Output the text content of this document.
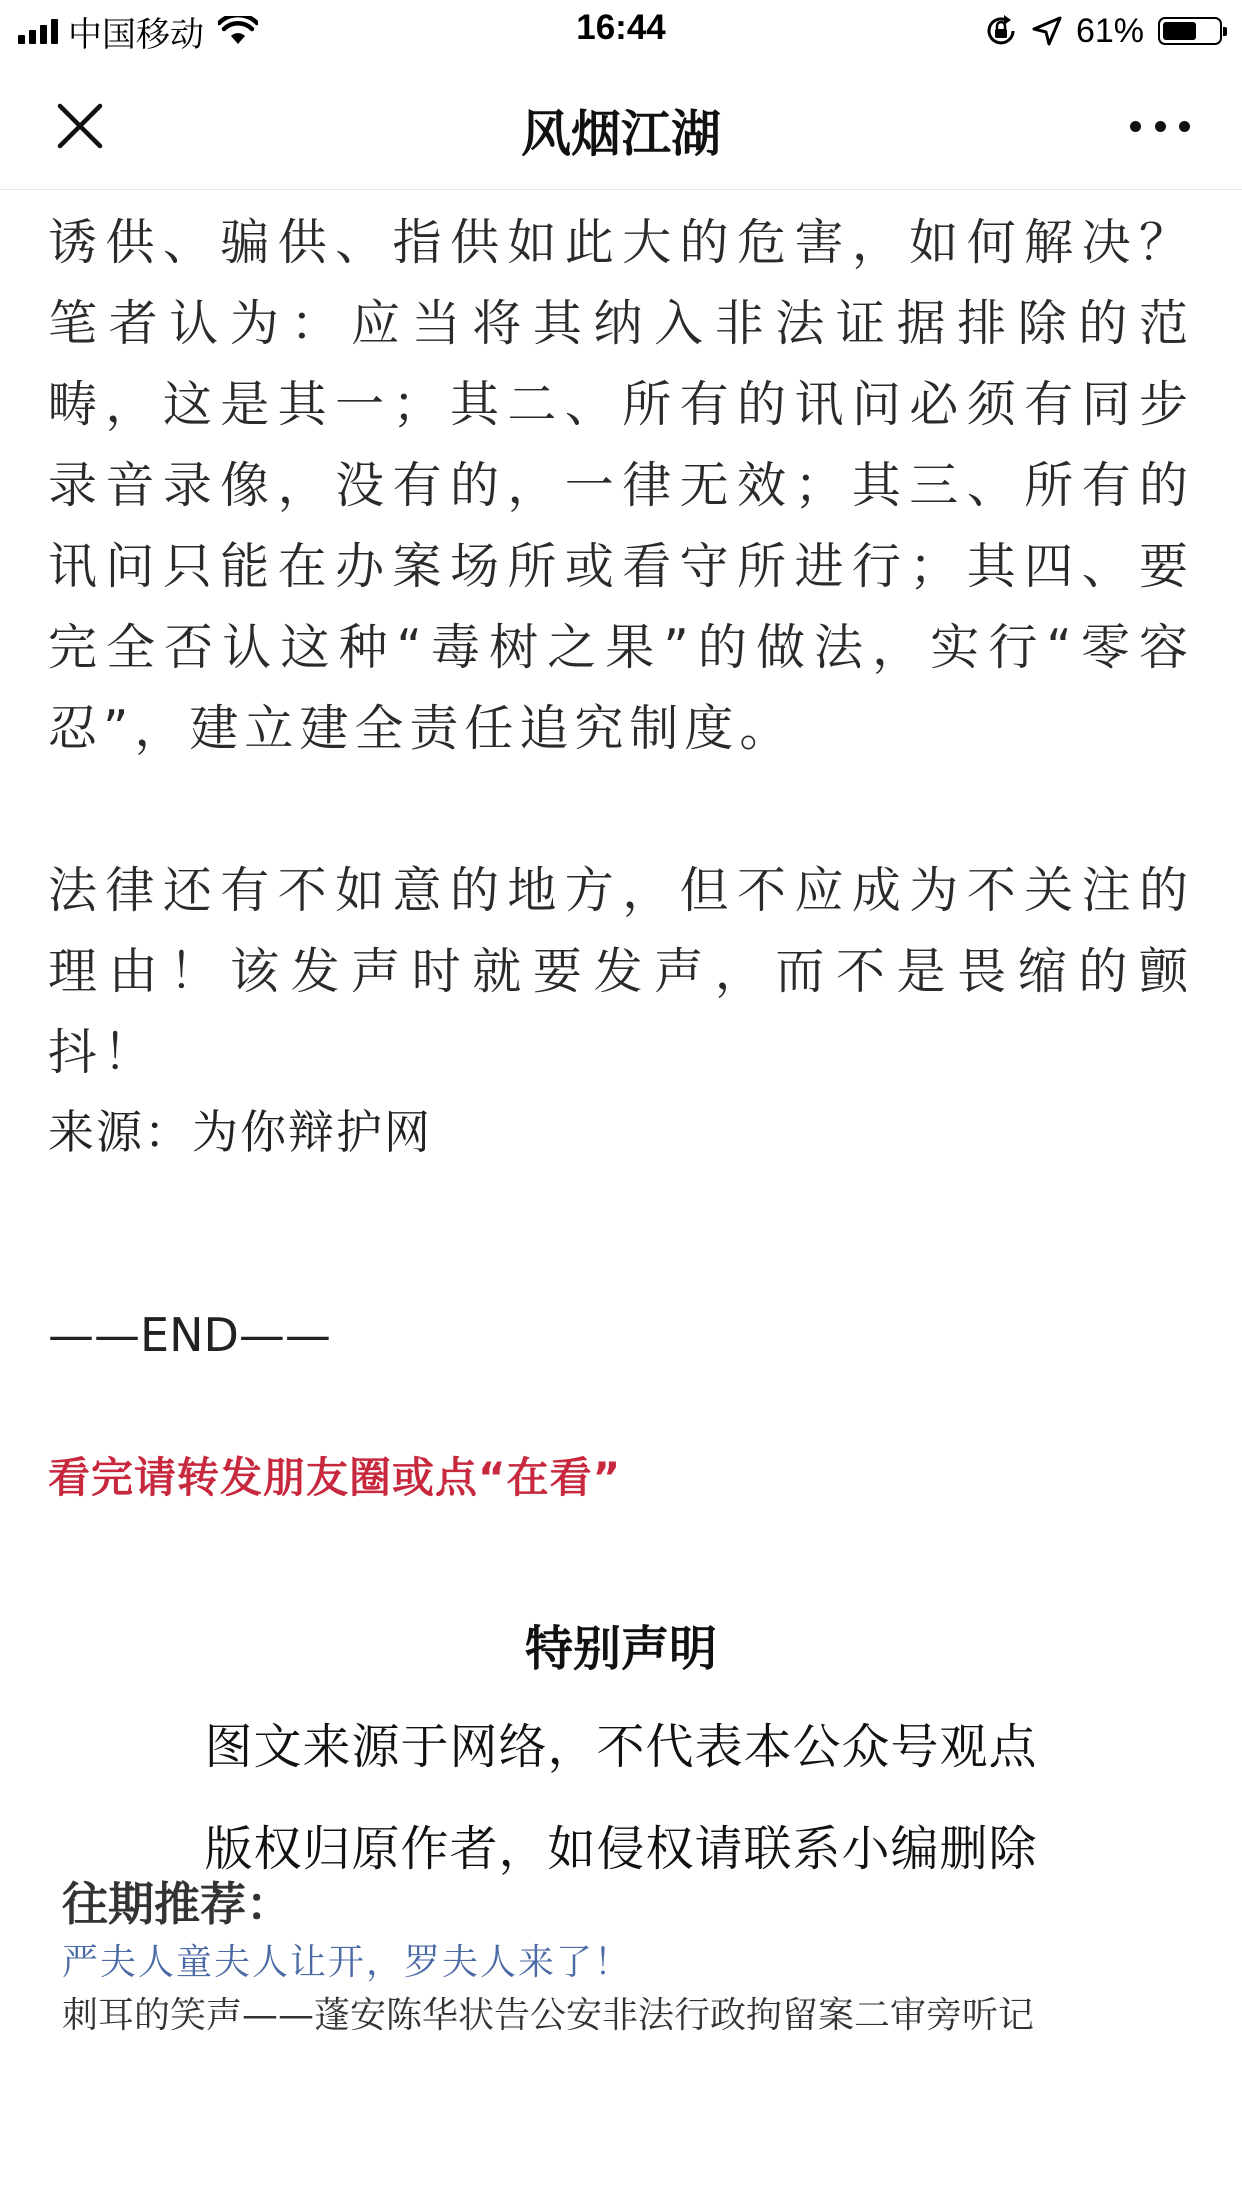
中国移动	16:44	61%
风烟江湖

诱供、骗供、指供如此大的危害，如何解决？笔者认为：应当将其纳入非法证据排除的范畴，这是其一；其二、所有的讯问必须有同步录音录像，没有的，一律无效；其三、所有的讯问只能在办案场所或看守所进行；其四、要完全否认这种“毒树之果”的做法，实行“零容忍”，建立建全责任追究制度。

法律还有不如意的地方，但不应成为不关注的理由！该发声时就要发声，而不是畏缩的颤抖！

来源：为你辩护网
——END——
看完请转发朋友圈或点“在看”
特别声明
图文来源于网络，不代表本公众号观点
版权归原作者，如侵权请联系小编删除
往期推荐：
严夫人童夫人让开，罗夫人来了！
刺耳的笑声——蓬安陈华状告公安非法行政拘留案二审旁听记
